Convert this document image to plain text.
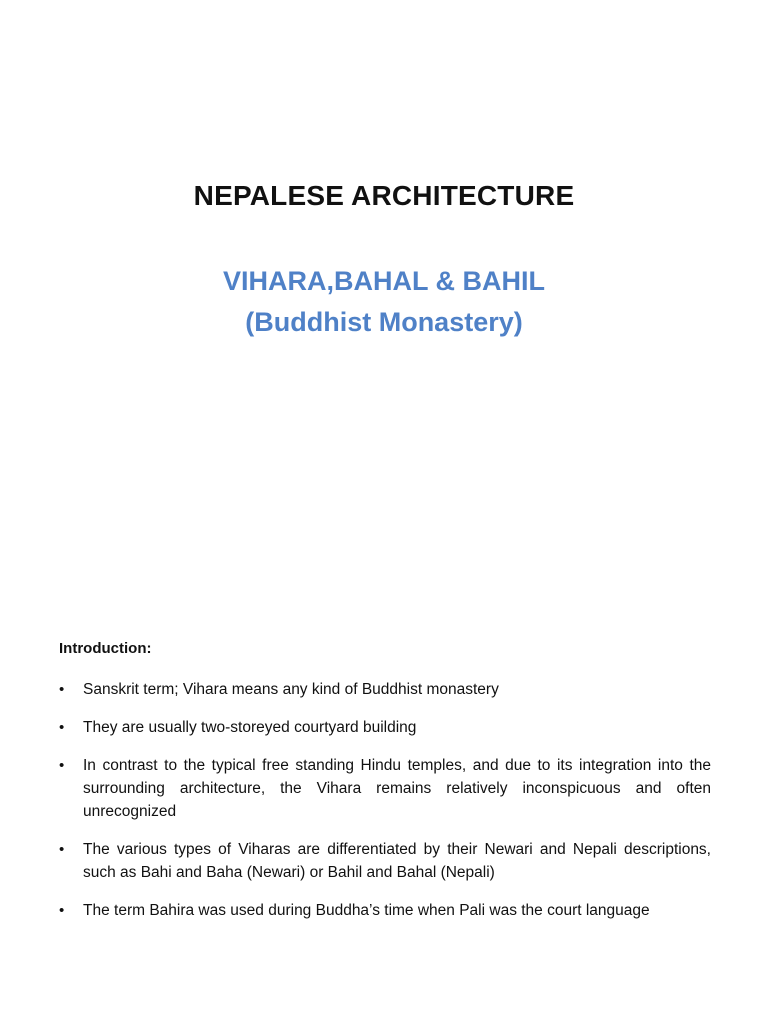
NEPALESE ARCHITECTURE
VIHARA,BAHAL & BAHIL
(Buddhist Monastery)
Introduction:
• Sanskrit term; Vihara means any kind of Buddhist monastery
• They are usually two-storeyed courtyard building
• In contrast to the typical free standing Hindu temples, and due to its integration into the surrounding architecture, the Vihara remains relatively inconspicuous and often unrecognized
• The various types of Viharas are differentiated by their Newari and Nepali descriptions, such as Bahi and Baha (Newari) or Bahil and Bahal (Nepali)
• The term Bahira was used during Buddha’s time when Pali was the court language
